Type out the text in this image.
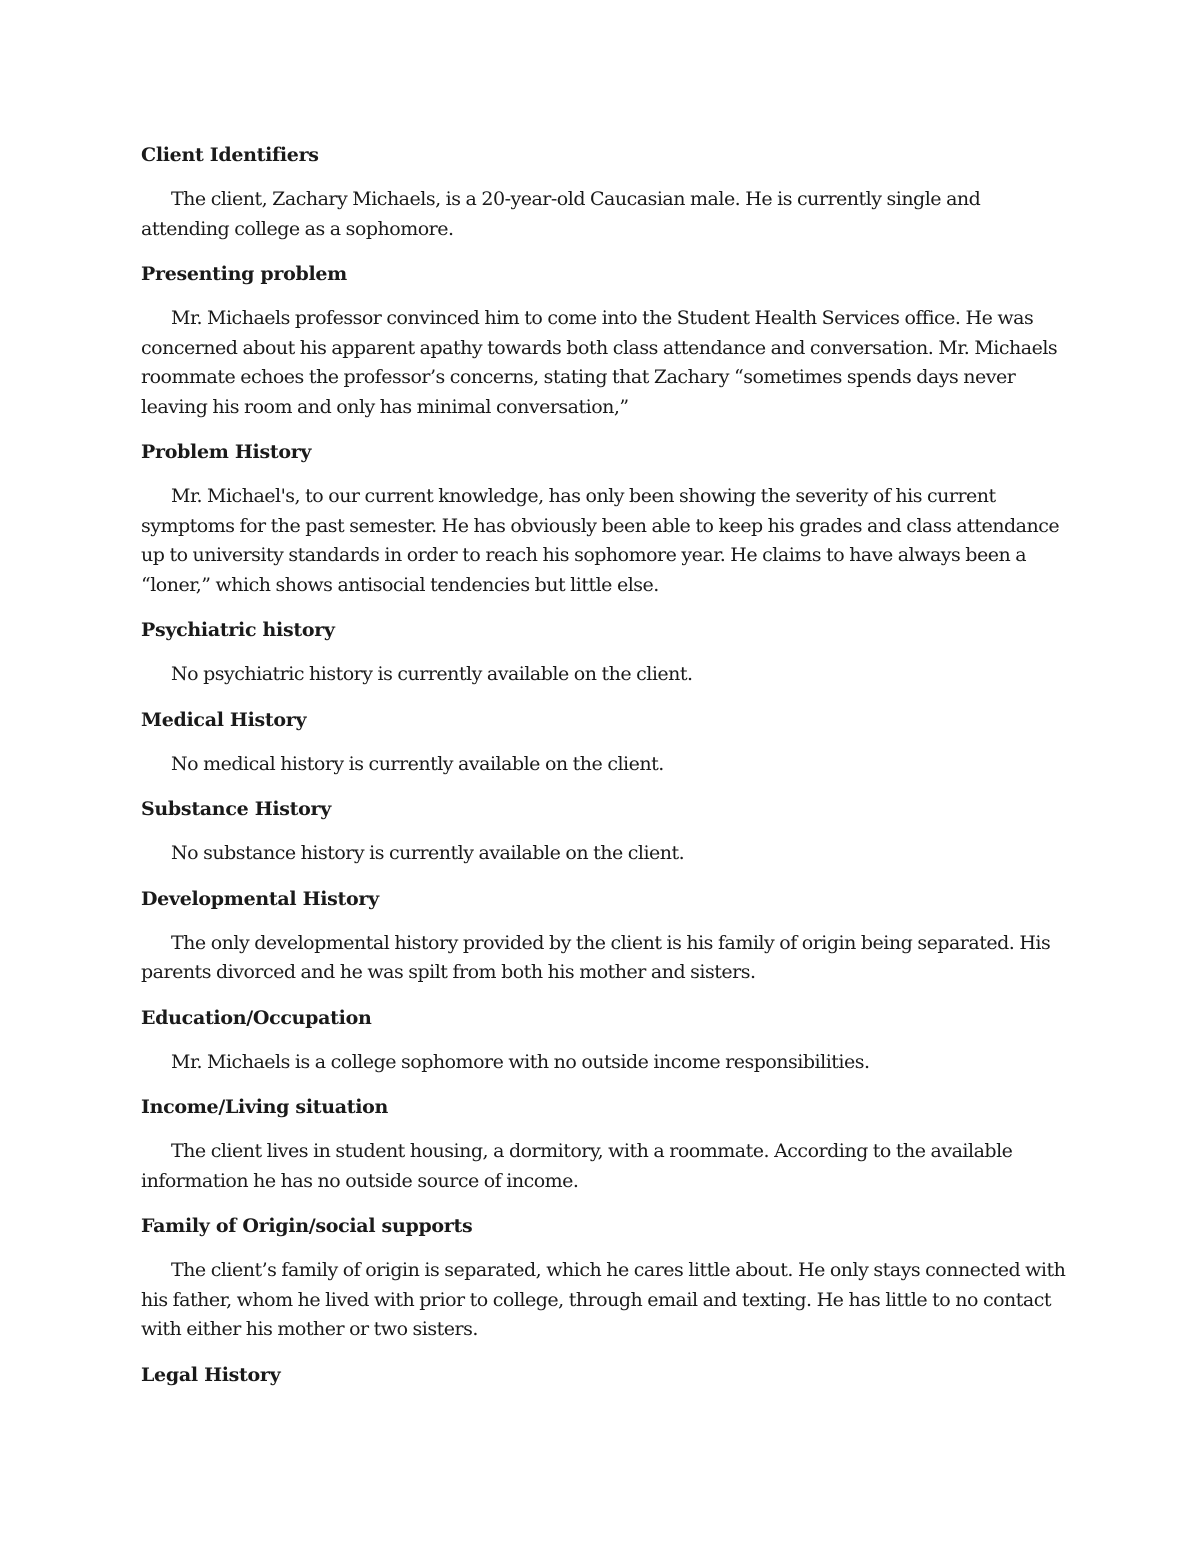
Client Identifiers

The client, Zachary Michaels, is a 20-year-old Caucasian male. He is currently single and attending college as a sophomore.

Presenting problem

Mr. Michaels professor convinced him to come into the Student Health Services office. He was concerned about his apparent apathy towards both class attendance and conversation. Mr. Michaels roommate echoes the professor’s concerns, stating that Zachary “sometimes spends days never leaving his room and only has minimal conversation,”

Problem History

Mr. Michael's, to our current knowledge, has only been showing the severity of his current symptoms for the past semester. He has obviously been able to keep his grades and class attendance up to university standards in order to reach his sophomore year. He claims to have always been a “loner,” which shows antisocial tendencies but little else.

Psychiatric history

No psychiatric history is currently available on the client.

Medical History

No medical history is currently available on the client.

Substance History

No substance history is currently available on the client.

Developmental History

The only developmental history provided by the client is his family of origin being separated. His parents divorced and he was spilt from both his mother and sisters.

Education/Occupation

Mr. Michaels is a college sophomore with no outside income responsibilities.

Income/Living situation

The client lives in student housing, a dormitory, with a roommate. According to the available information he has no outside source of income.

Family of Origin/social supports

The client’s family of origin is separated, which he cares little about. He only stays connected with his father, whom he lived with prior to college, through email and texting. He has little to no contact with either his mother or two sisters.

Legal History
